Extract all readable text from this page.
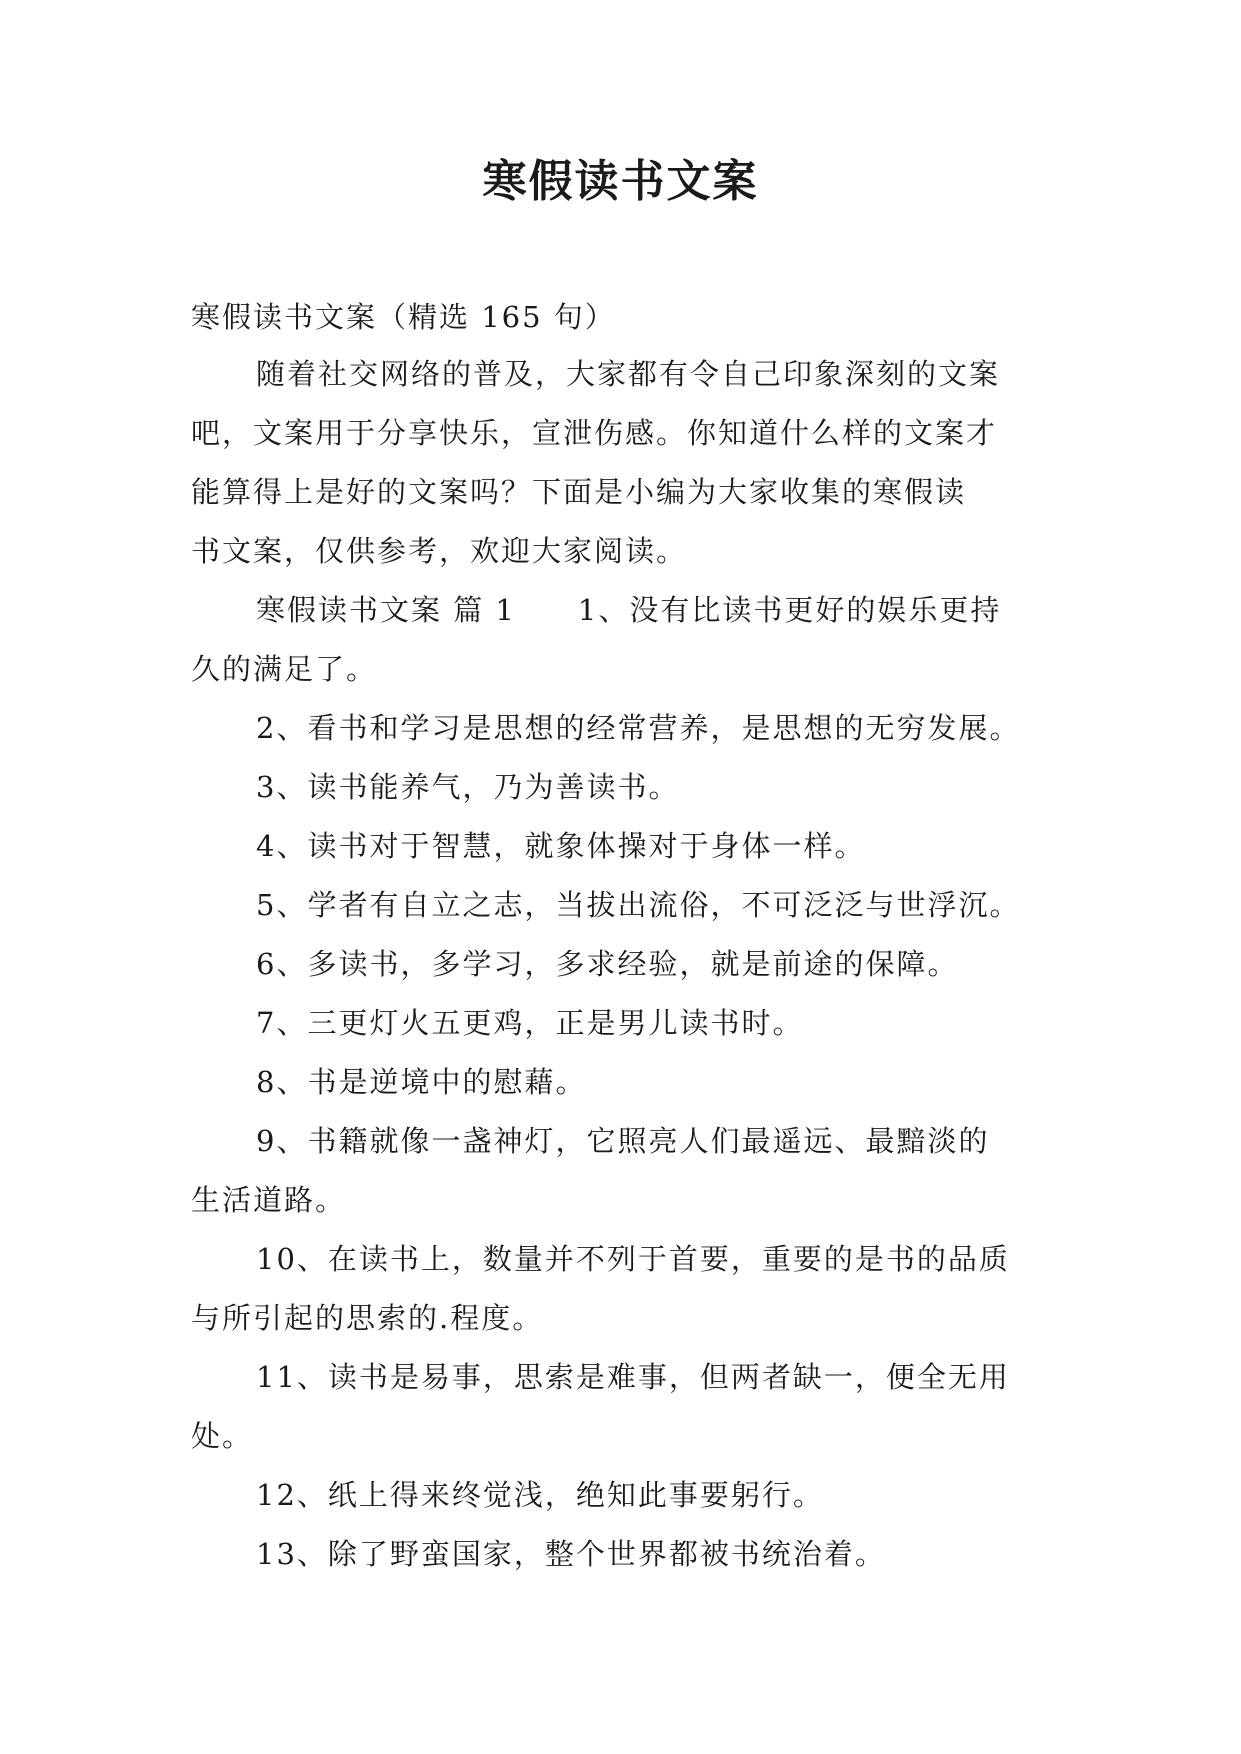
寒假读书文案
寒假读书文案（精选 165 句）
随着社交网络的普及，大家都有令自己印象深刻的文案
吧，文案用于分享快乐，宣泄伤感。你知道什么样的文案才
能算得上是好的文案吗？下面是小编为大家收集的寒假读
书文案，仅供参考，欢迎大家阅读。
寒假读书文案 篇 1　　1、没有比读书更好的娱乐更持
久的满足了。
2、看书和学习是思想的经常营养，是思想的无穷发展。
3、读书能养气，乃为善读书。
4、读书对于智慧，就象体操对于身体一样。
5、学者有自立之志，当拔出流俗，不可泛泛与世浮沉。
6、多读书，多学习，多求经验，就是前途的保障。
7、三更灯火五更鸡，正是男儿读书时。
8、书是逆境中的慰藉。
9、书籍就像一盏神灯，它照亮人们最遥远、最黯淡的
生活道路。
10、在读书上，数量并不列于首要，重要的是书的品质
与所引起的思索的.程度。
11、读书是易事，思索是难事，但两者缺一，便全无用
处。
12、纸上得来终觉浅，绝知此事要躬行。
13、除了野蛮国家，整个世界都被书统治着。
